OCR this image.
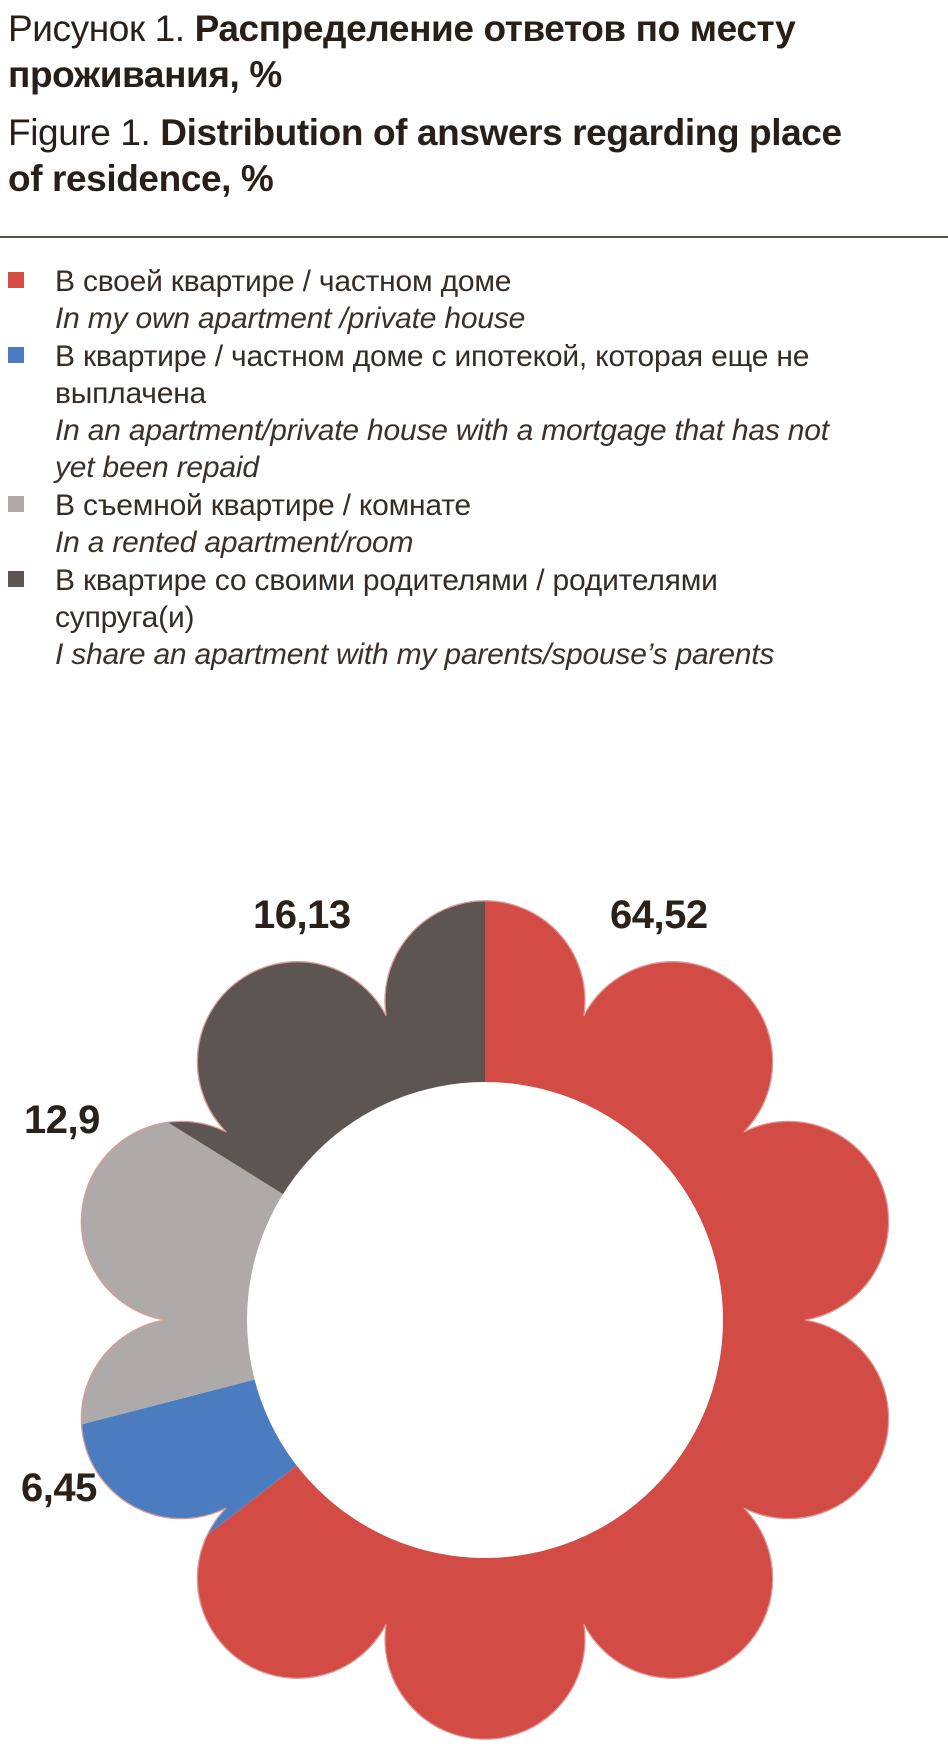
Рисунок 1. Распределение ответов по месту проживания, %

Figure 1. Distribution of answers regarding place of residence, %

В своей квартире / частном доме
In my own apartment /private house
В квартире / частном доме с ипотекой, которая еще не выплачена
In an apartment/private house with a mortgage that has not yet been repaid
В съемной квартире / комнате
In a rented apartment/room
В квартире со своими родителями / родителями супруга(и)
I share an apartment with my parents/spouse’s parents
64,52
6,45
12,9
16,13
